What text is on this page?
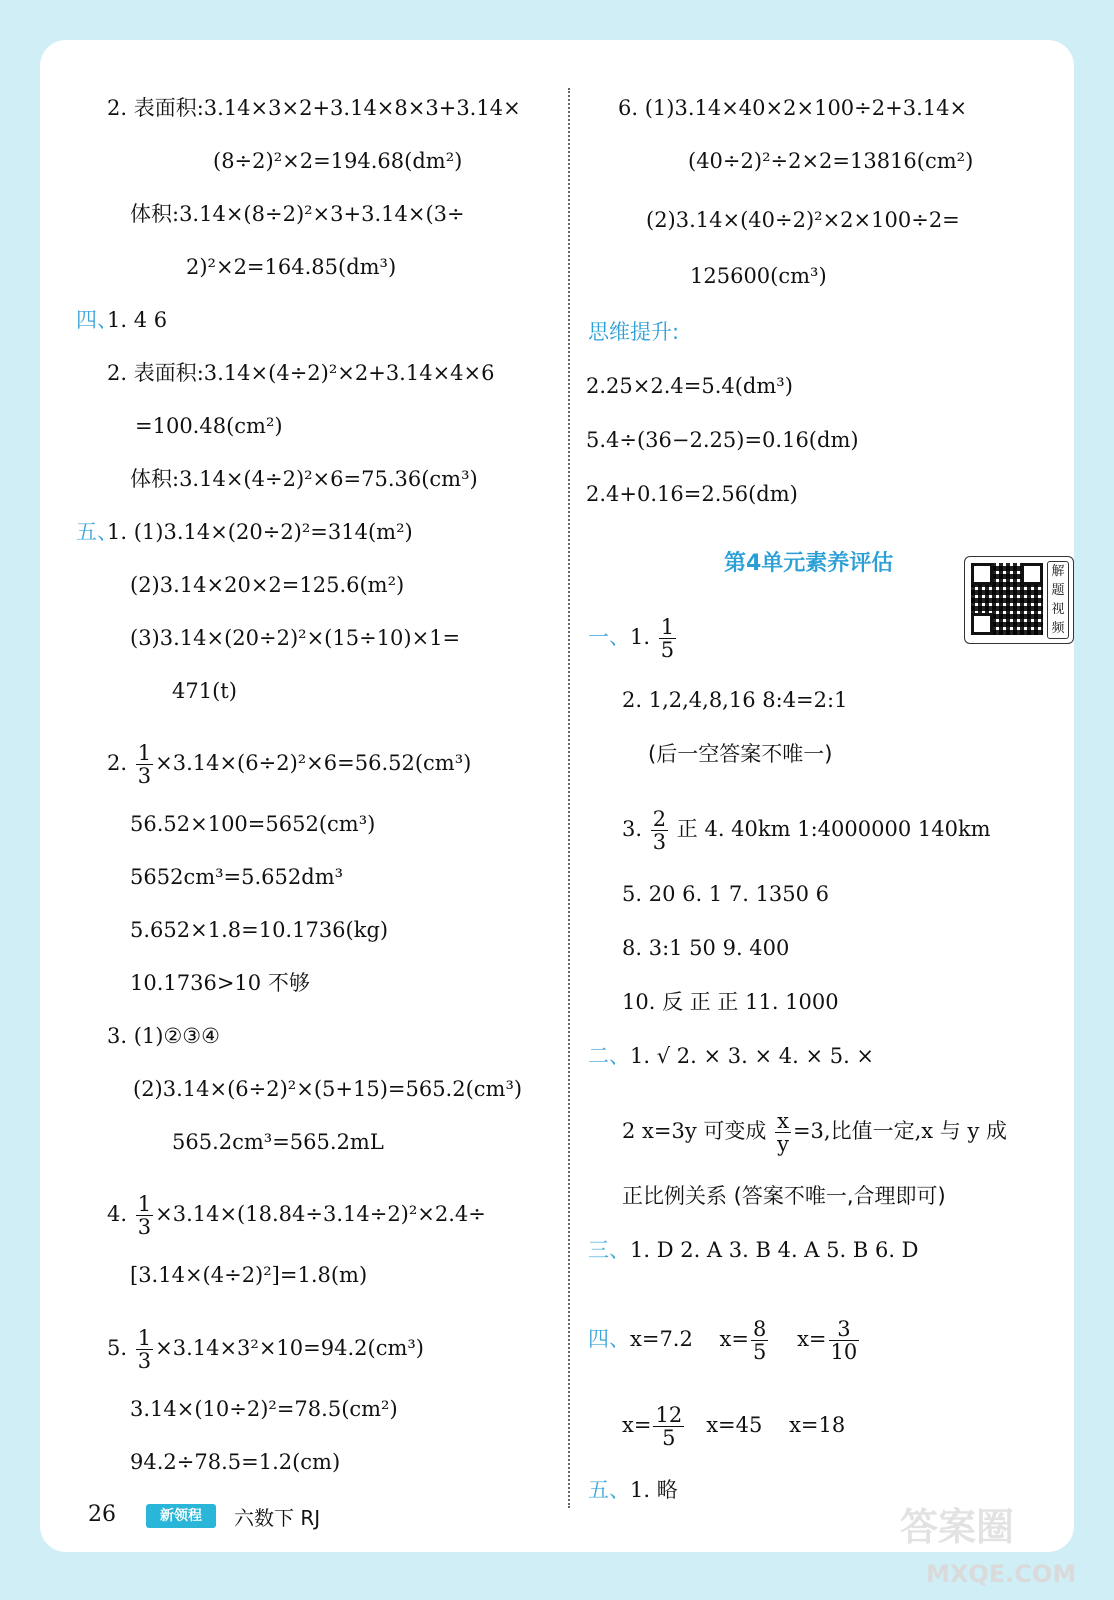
2. 表面积:3.14×3×2+3.14×8×3+3.14×
(8÷2)²×2=194.68(dm²)
体积:3.14×(8÷2)²×3+3.14×(3÷
2)²×2=164.85(dm³)
四、
1. 4 6
2. 表面积:3.14×(4÷2)²×2+3.14×4×6
=100.48(cm²)
体积:3.14×(4÷2)²×6=75.36(cm³)
五、
1. (1)3.14×(20÷2)²=314(m²)
(2)3.14×20×2=125.6(m²)
(3)3.14×(20÷2)²×(15÷10)×1=
471(t)
2. $\frac{1}{3} \times 3.14\times(6\div 2)^2\times 6=56.52(cm^3)$
56.52×100=5652(cm³)
5652cm³=5.652dm³
5.652×1.8=10.1736(kg)
10.1736>10 不够
3. (1)②③④
(2)3.14×(6÷2)²×(5+15)=565.2(cm³)
565.2cm³=565.2mL
4. $\frac{1}{3} \times 3.14\times(18.84\div 3.14\div 2)^2\times 2.4\div$
[3.14×(4÷2)²]=1.8(m)
5. $\frac{1}{3} \times 3.14\times 3^2\times 10=94.2(cm^3)$
3.14×(10÷2)²=78.5(cm²)
94.2÷78.5=1.2(cm)
6. (1)3.14×40×2×100÷2+3.14×
(40÷2)²÷2×2=13816(cm²)
(2)3.14×(40÷2)²×2×100÷2=
125600(cm³)
思维提升:
2.25×2.4=5.4(dm³)
5.4÷(36−2.25)=0.16(dm)
2.4+0.16=2.56(dm)
第4单元素养评估	解题视频
一、1. $\frac{1}{5}$
2. 1,2,4,8,16 8:4=2:1
(后一空答案不唯一)
3. $\frac{2}{3}$ 正 4. 40km 1:4000000 140km
5. 20 6. 1 7. 1350 6
8. 3:1 50 9. 400
10. 反 正 正 11. 1000
二、1. √ 2. × 3. × 4. × 5. ×
2 x=3y 可变成 $\frac{x}{y} =3$,比值一定,x 与 y 成
正比例关系 (答案不唯一,合理即可)
三、1. D 2. A 3. B 4. A 5. B 6. D
四、x=7.2 $x= \frac{8}{5} x= \frac{3}{10}$
$x= \frac{12}{5} x=45$ x=18
五、1. 略
26	新领程	六数下 RJ	答案圈
MXQE.COM
